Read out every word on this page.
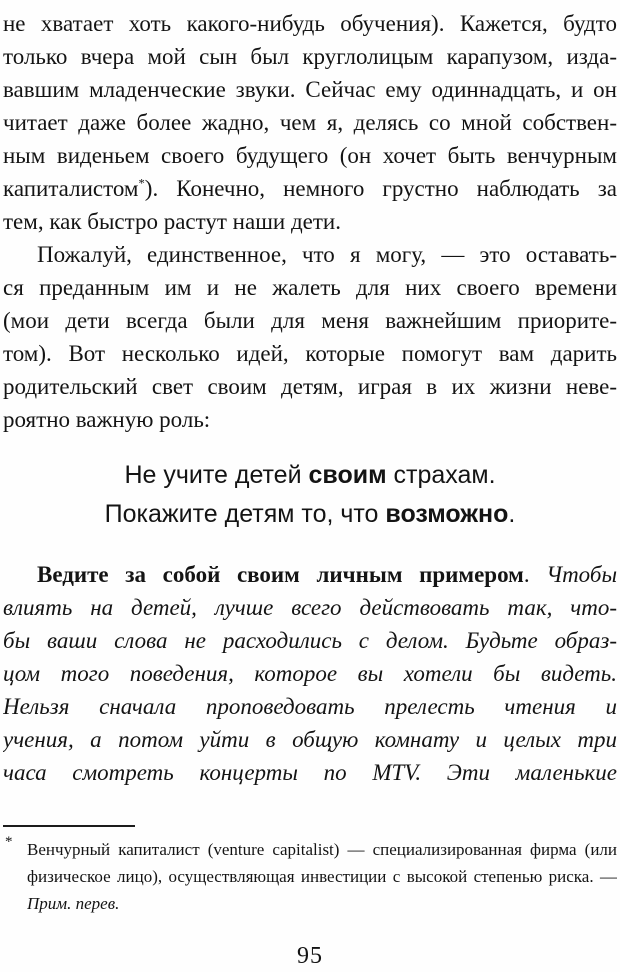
не хватает хоть какого-нибудь обучения). Кажется, будто
только вчера мой сын был круглолицым карапузом, изда-
вавшим младенческие звуки. Сейчас ему одиннадцать, и он
читает даже более жадно, чем я, делясь со мной собствен-
ным виденьем своего будущего (он хочет быть венчурным
капиталистом*). Конечно, немного грустно наблюдать за
тем, как быстро растут наши дети.
Пожалуй, единственное, что я могу, — это оставать-
ся преданным им и не жалеть для них своего времени
(мои дети всегда были для меня важнейшим приорите-
том). Вот несколько идей, которые помогут вам дарить
родительский свет своим детям, играя в их жизни неве-
роятно важную роль:
Не учите детей своим страхам.
Покажите детям то, что возможно.
Ведите за собой своим личным примером. Чтобы
влиять на детей, лучше всего действовать так, что-
бы ваши слова не расходились с делом. Будьте образ-
цом того поведения, которое вы хотели бы видеть.
Нельзя сначала проповедовать прелесть чтения и
учения, а потом уйти в общую комнату и целых три
часа смотреть концерты по MTV. Эти маленькие
* Венчурный капиталист (venture capitalist) — специализированная фирма (или
физическое лицо), осуществляющая инвестиции с высокой степенью риска. —
Прим. перев.
95
